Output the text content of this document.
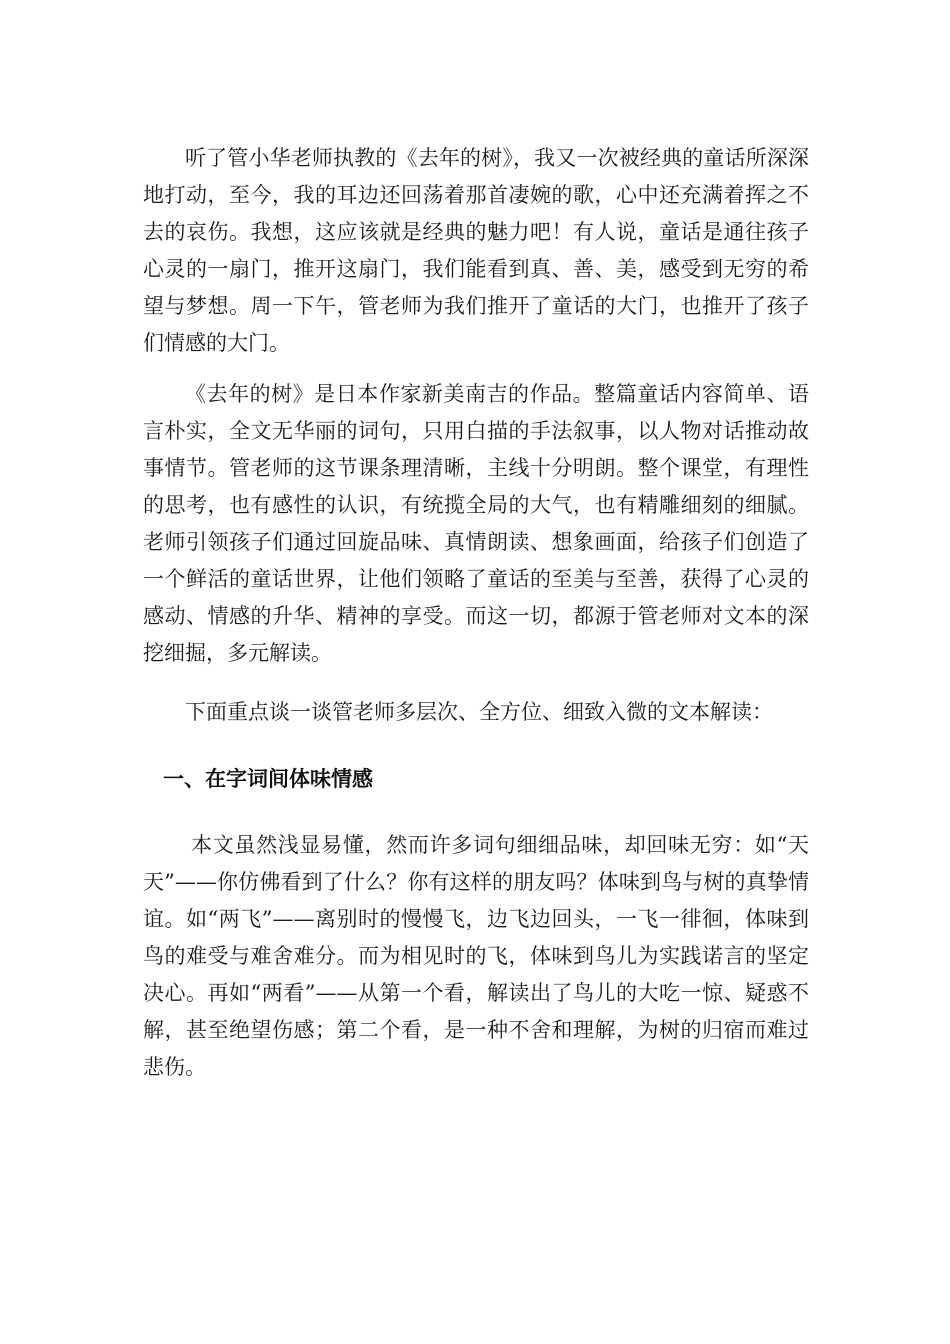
听了管小华老师执教的《去年的树》，我又一次被经典的童话所深深地打动，至今，我的耳边还回荡着那首凄婉的歌，心中还充满着挥之不去的哀伤。我想，这应该就是经典的魅力吧！有人说，童话是通往孩子心灵的一扇门，推开这扇门，我们能看到真、善、美，感受到无穷的希望与梦想。周一下午，管老师为我们推开了童话的大门，也推开了孩子们情感的大门。

《去年的树》是日本作家新美南吉的作品。整篇童话内容简单、语言朴实，全文无华丽的词句，只用白描的手法叙事，以人物对话推动故事情节。管老师的这节课条理清晰，主线十分明朗。整个课堂，有理性的思考，也有感性的认识，有统揽全局的大气，也有精雕细刻的细腻。老师引领孩子们通过回旋品味、真情朗读、想象画面，给孩子们创造了一个鲜活的童话世界，让他们领略了童话的至美与至善，获得了心灵的感动、情感的升华、精神的享受。而这一切，都源于管老师对文本的深挖细掘，多元解读。

下面重点谈一谈管老师多层次、全方位、细致入微的文本解读：

一、在字词间体味情感

本文虽然浅显易懂，然而许多词句细细品味，却回味无穷：如“天天”——你仿佛看到了什么？你有这样的朋友吗？体味到鸟与树的真挚情谊。如“两飞”——离别时的慢慢飞，边飞边回头，一飞一徘徊，体味到鸟的难受与难舍难分。而为相见时的飞，体味到鸟儿为实践诺言的坚定决心。再如“两看”——从第一个看，解读出了鸟儿的大吃一惊、疑惑不解，甚至绝望伤感；第二个看，是一种不舍和理解，为树的归宿而难过悲伤。
